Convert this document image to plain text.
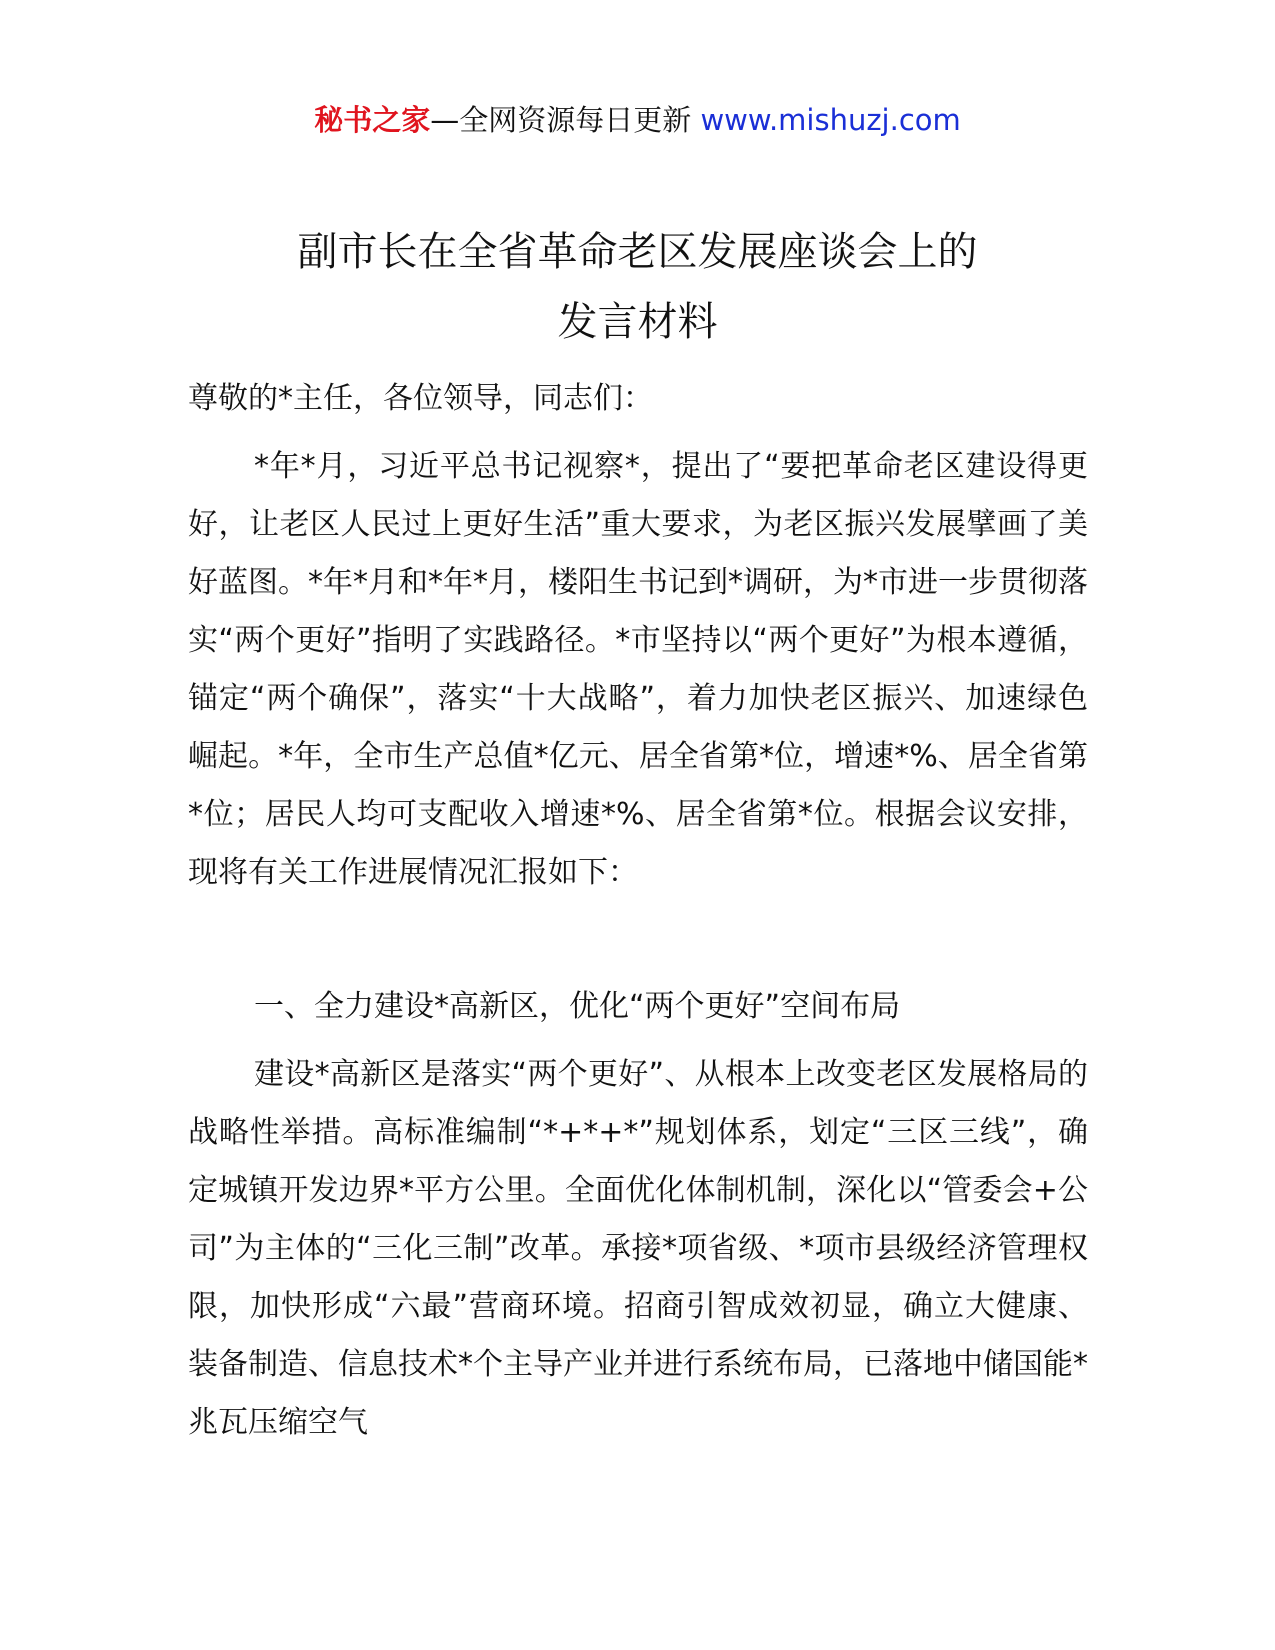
秘书之家—全网资源每日更新 www.mishuzj.com
副市长在全省革命老区发展座谈会上的
发言材料
尊敬的*主任，各位领导，同志们：
*年*月，习近平总书记视察*，提出了“要把革命老区建设得更好，让老区人民过上更好生活”重大要求，为老区振兴发展擘画了美好蓝图。*年*月和*年*月，楼阳生书记到*调研，为*市进一步贯彻落实“两个更好”指明了实践路径。*市坚持以“两个更好”为根本遵循，锚定“两个确保”，落实“十大战略”，着力加快老区振兴、加速绿色崛起。*年，全市生产总值*亿元、居全省第*位，增速*%、居全省第*位；居民人均可支配收入增速*%、居全省第*位。根据会议安排，现将有关工作进展情况汇报如下：
一、全力建设*高新区，优化“两个更好”空间布局
建设*高新区是落实“两个更好”、从根本上改变老区发展格局的战略性举措。高标准编制“*+*+*”规划体系，划定“三区三线”，确定城镇开发边界*平方公里。全面优化体制机制，深化以“管委会+公司”为主体的“三化三制”改革。承接*项省级、*项市县级经济管理权限，加快形成“六最”营商环境。招商引智成效初显，确立大健康、装备制造、信息技术*个主导产业并进行系统布局，已落地中储国能*兆瓦压缩空气
